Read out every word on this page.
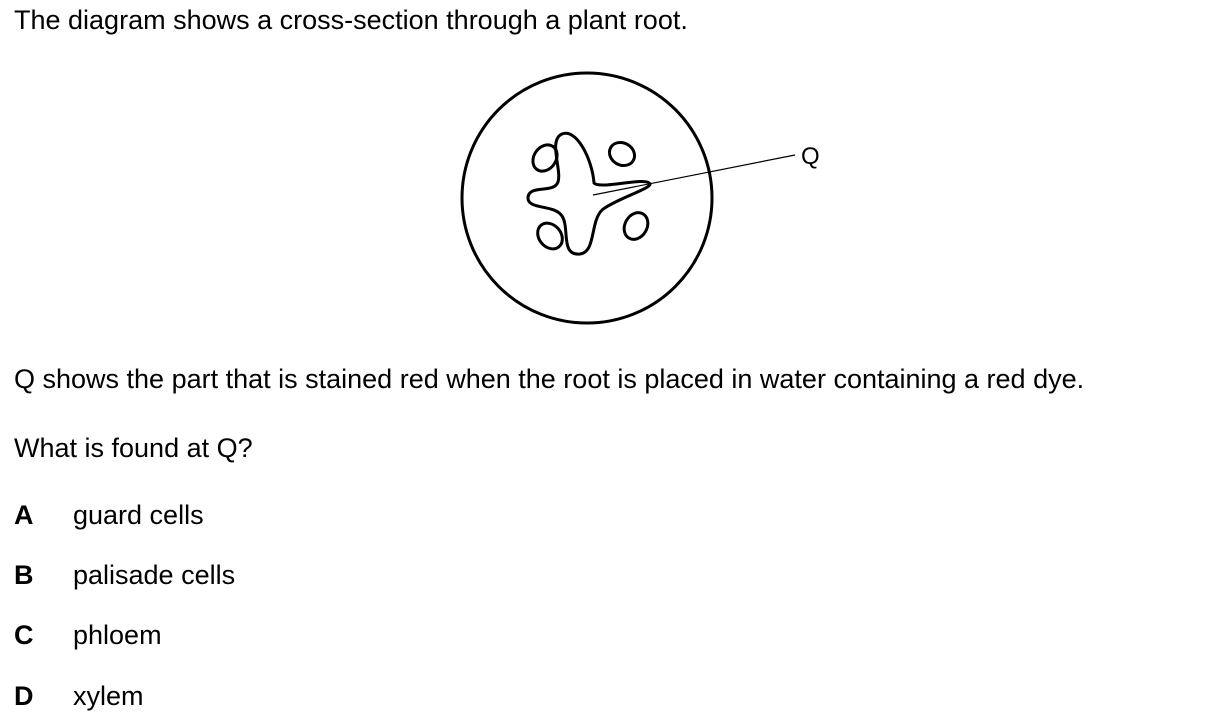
The diagram shows a cross-section through a plant root.
Q
Q shows the part that is stained red when the root is placed in water containing a red dye.
What is found at Q?
A guard cells
B palisade cells
C phloem
D xylem
